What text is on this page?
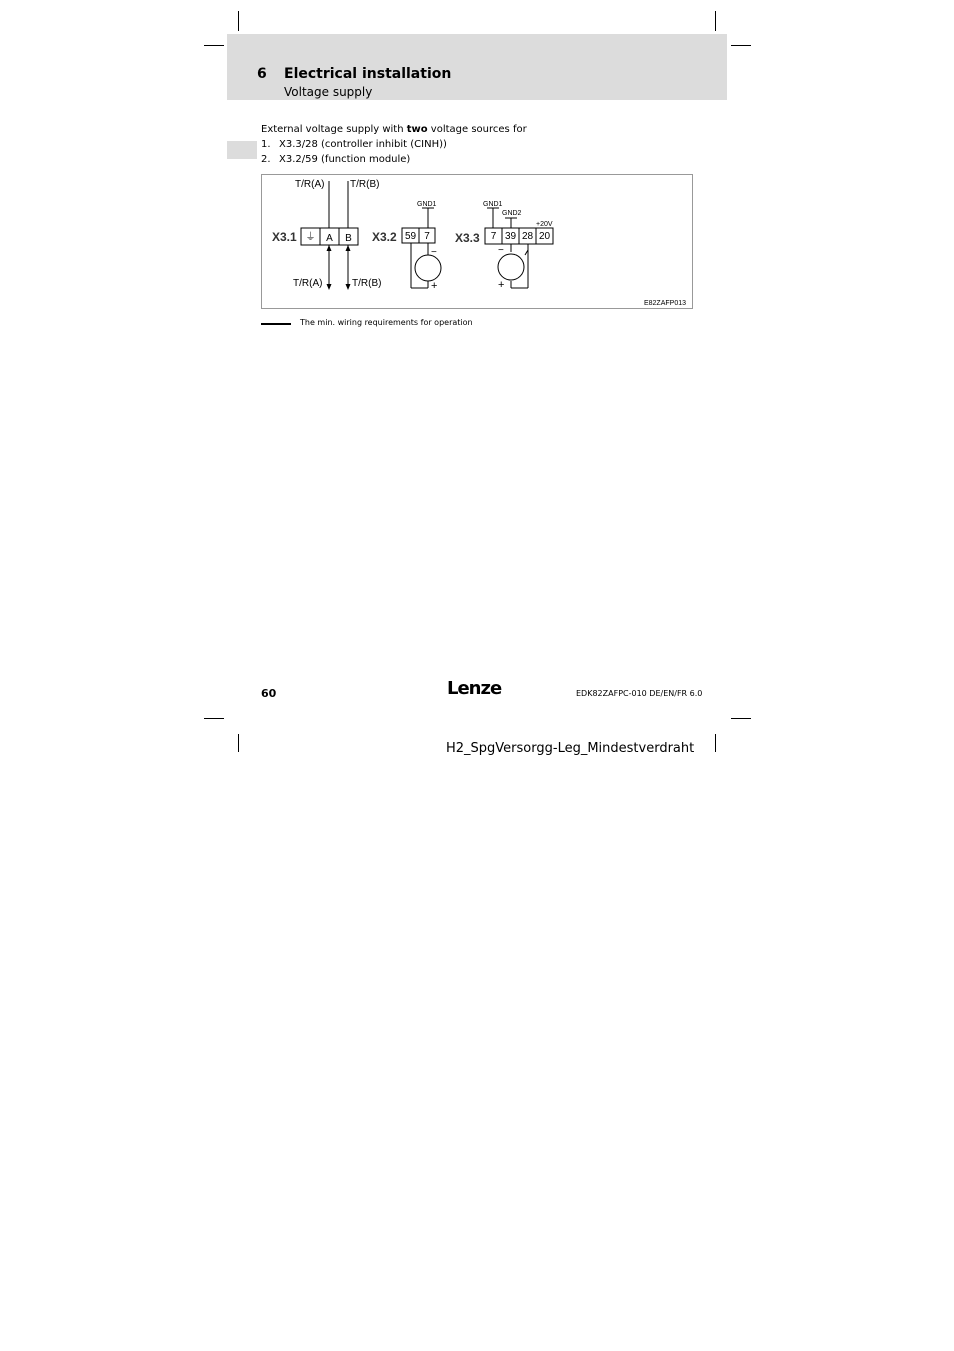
6 Electrical installation
Voltage supply
External voltage supply with two voltage sources for
1. X3.3/28 (controller inhibit (CINH))
2. X3.2/59 (function module)
T/R(A)	T/R(B)
T/R(A)	T/R(B)
X3.1	X3.2	X3.3
⏚ A B	59 7	7 39 28 20
GND1	GND1
GND2
+20V
−
+
−
+
E82ZAFP013
The min. wiring requirements for operation
60	Lenze	EDK82ZAFPC-010 DE/EN/FR 6.0
H2_SpgVersorgg-Leg_Mindestverdraht
